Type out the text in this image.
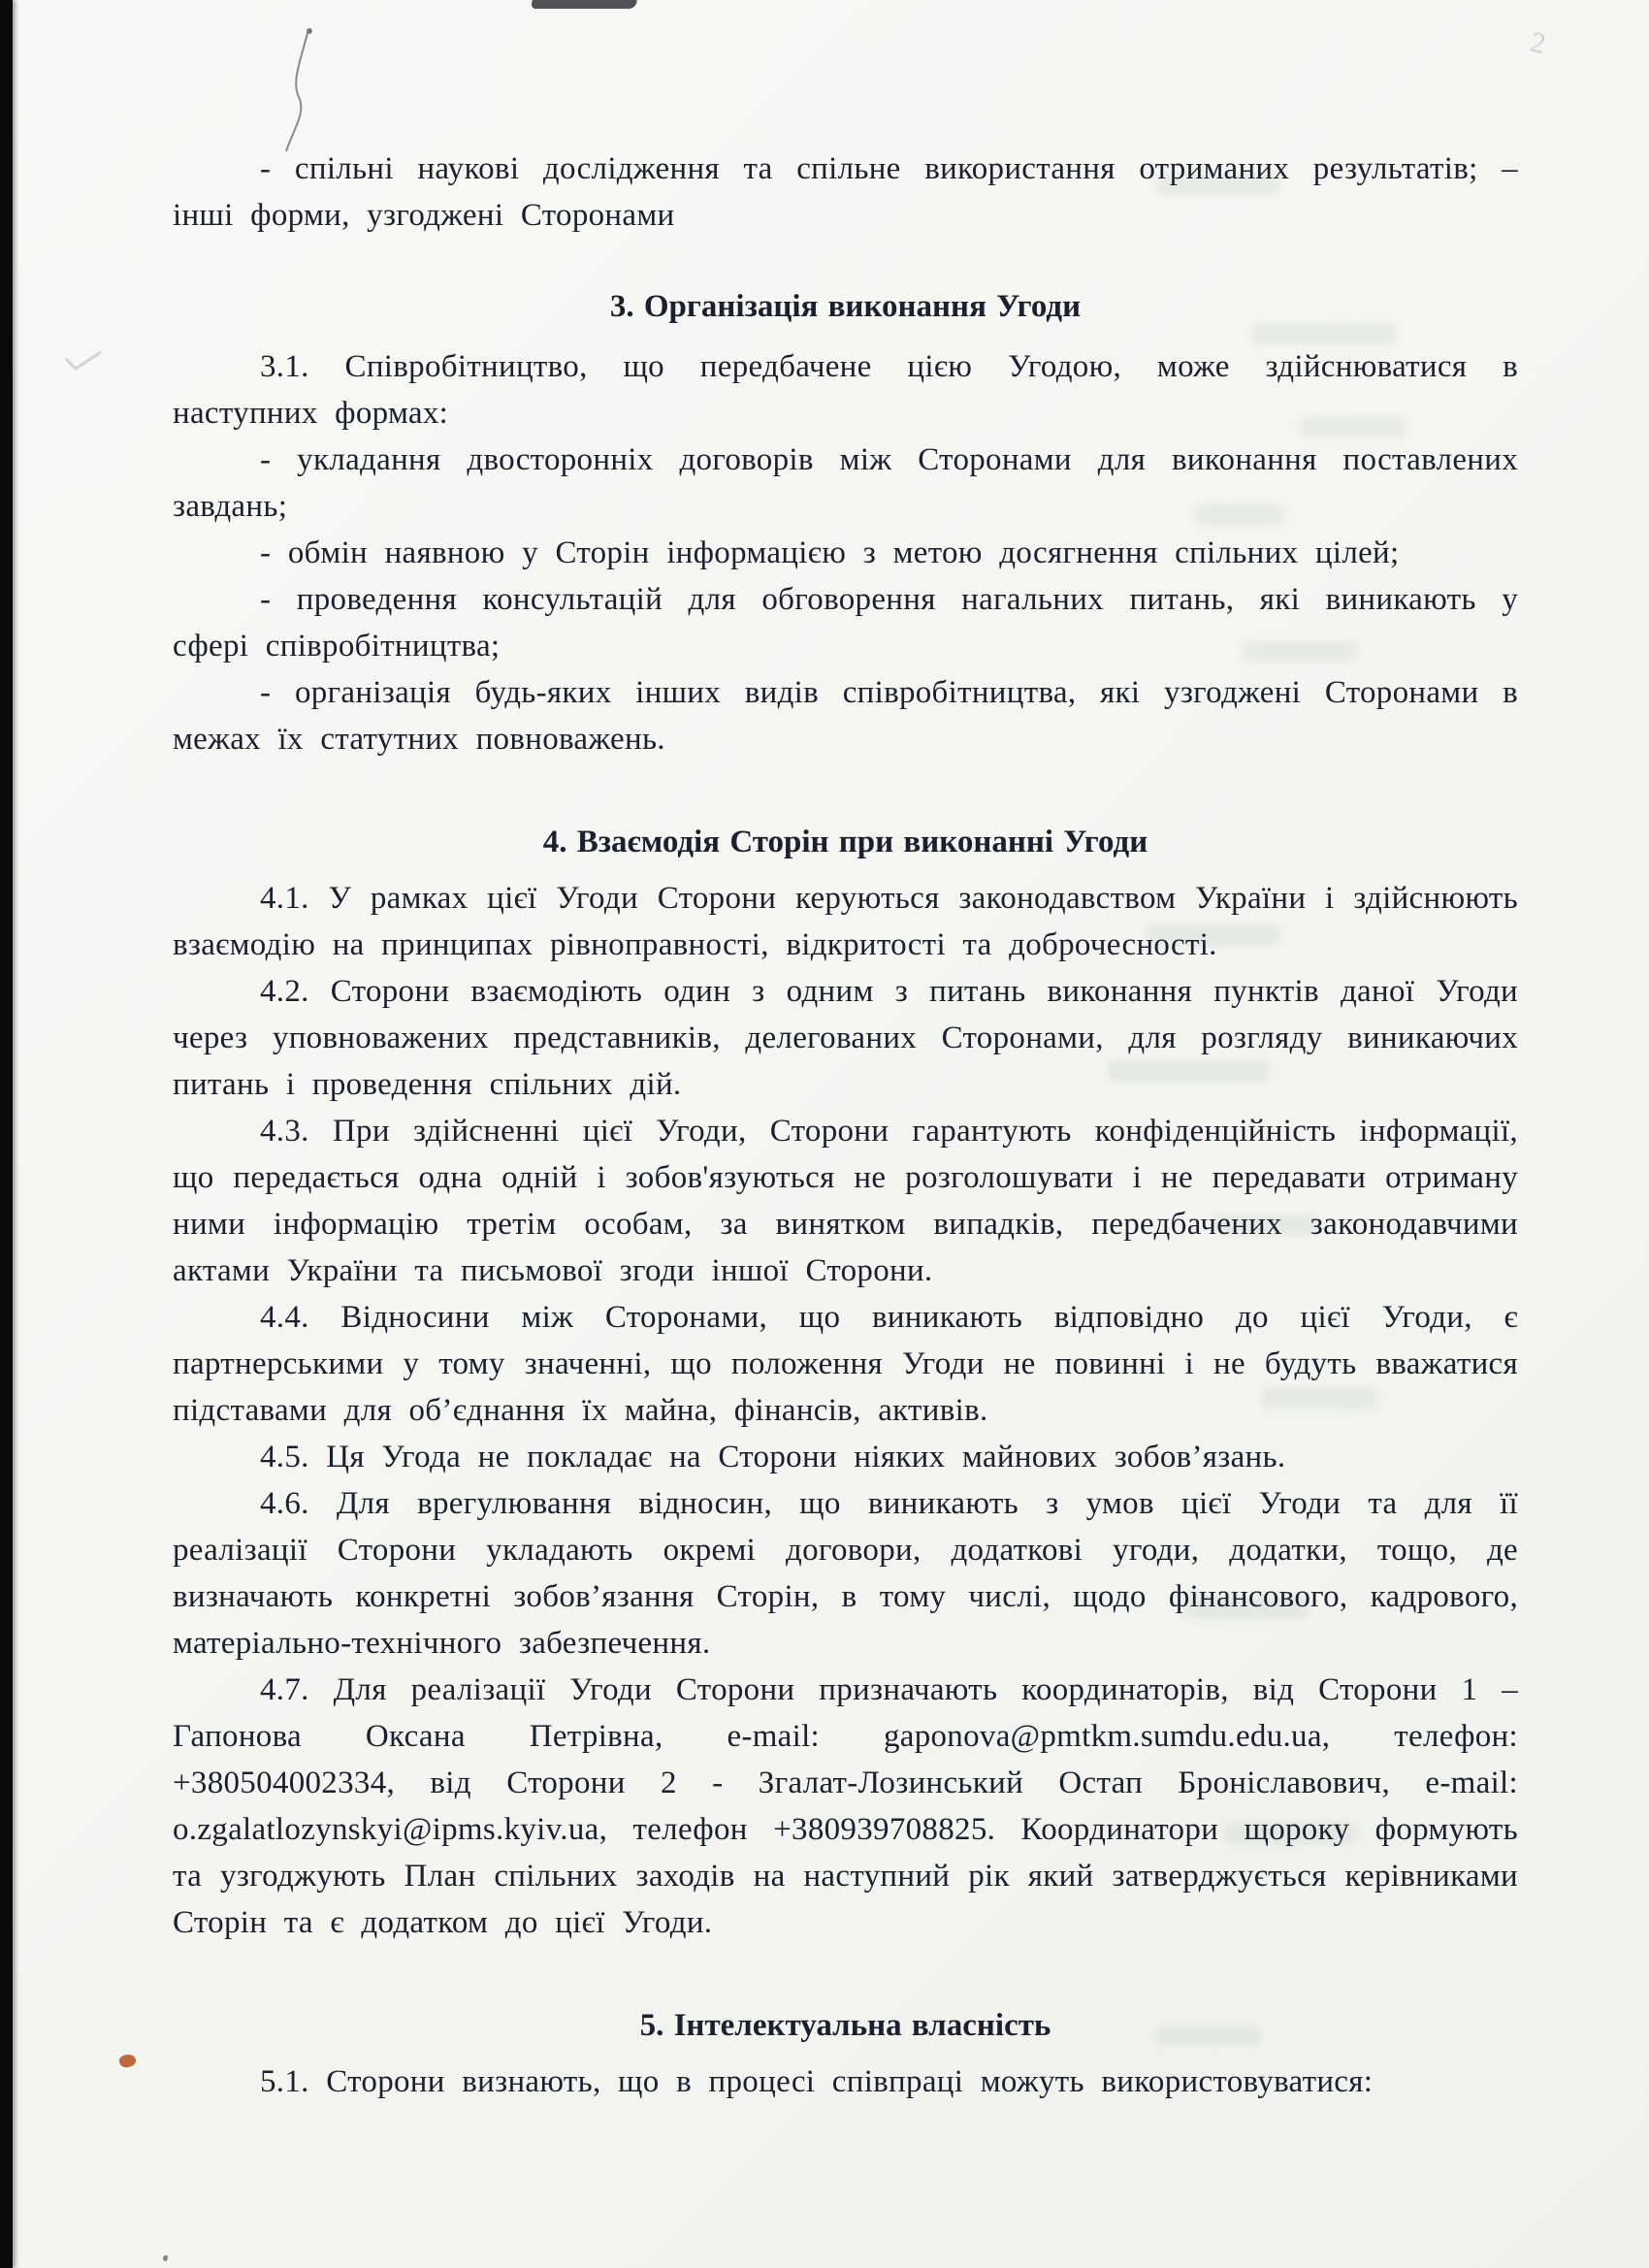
2

- спільні наукові дослідження та спільне використання отриманих результатів; – інші форми, узгоджені Сторонами

3. Організація виконання Угоди

3.1. Співробітництво, що передбачене цією Угодою, може здійснюватися в наступних формах:

- укладання двосторонніх договорів між Сторонами для виконання поставлених завдань;

- обмін наявною у Сторін інформацією з метою досягнення спільних цілей;

- проведення консультацій для обговорення нагальних питань, які виникають у сфері співробітництва;

- організація будь-яких інших видів співробітництва, які узгоджені Сторонами в межах їх статутних повноважень.

4. Взаємодія Сторін при виконанні Угоди

4.1. У рамках цієї Угоди Сторони керуються законодавством України і здійснюють взаємодію на принципах рівноправності, відкритості та доброчесності.

4.2. Сторони взаємодіють один з одним з питань виконання пунктів даної Угоди через уповноважених представників, делегованих Сторонами, для розгляду виникаючих питань і проведення спільних дій.

4.3. При здійсненні цієї Угоди, Сторони гарантують конфіденційність інформації, що передається одна одній і зобов'язуються не розголошувати і не передавати отриману ними інформацію третім особам, за винятком випадків, передбачених законодавчими актами України та письмової згоди іншої Сторони.

4.4. Відносини між Сторонами, що виникають відповідно до цієї Угоди, є партнерськими у тому значенні, що положення Угоди не повинні і не будуть вважатися підставами для об’єднання їх майна, фінансів, активів.

4.5. Ця Угода не покладає на Сторони ніяких майнових зобов’язань.

4.6. Для врегулювання відносин, що виникають з умов цієї Угоди та для її реалізації Сторони укладають окремі договори, додаткові угоди, додатки, тощо, де визначають конкретні зобов’язання Сторін, в тому числі, щодо фінансового, кадрового, матеріально-технічного забезпечення.

4.7. Для реалізації Угоди Сторони призначають координаторів, від Сторони 1 – Гапонова Оксана Петрівна, e-mail: gaponova@pmtkm.sumdu.edu.ua, телефон: +380504002334, від Сторони 2 - Згалат-Лозинський Остап Броніславович, e-mail: o.zgalatlozynskyi@ipms.kyiv.ua, телефон +380939708825. Координатори щороку формують та узгоджують План спільних заходів на наступний рік який затверджується керівниками Сторін та є додатком до цієї Угоди.

5. Інтелектуальна власність

5.1. Сторони визнають, що в процесі співпраці можуть використовуватися:
